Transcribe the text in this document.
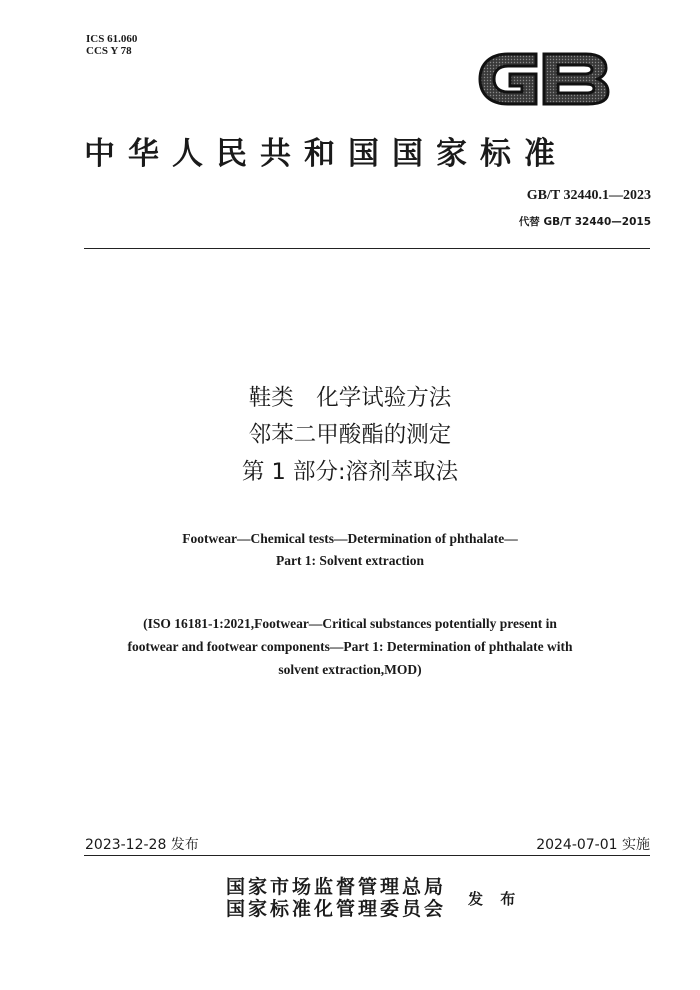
ICS 61.060
CCS Y 78
中华人民共和国国家标准
GB/T 32440.1—2023
代替 GB/T 32440—2015
鞋类　化学试验方法
邻苯二甲酸酯的测定
第 1 部分:溶剂萃取法
Footwear—Chemical tests—Determination of phthalate—
Part 1: Solvent extraction
(ISO 16181-1:2021,Footwear—Critical substances potentially present in
footwear and footwear components—Part 1: Determination of phthalate with
solvent extraction,MOD)
2023-12-28 发布	2024-07-01 实施
国家市场监督管理总局
国家标准化管理委员会 发 布
